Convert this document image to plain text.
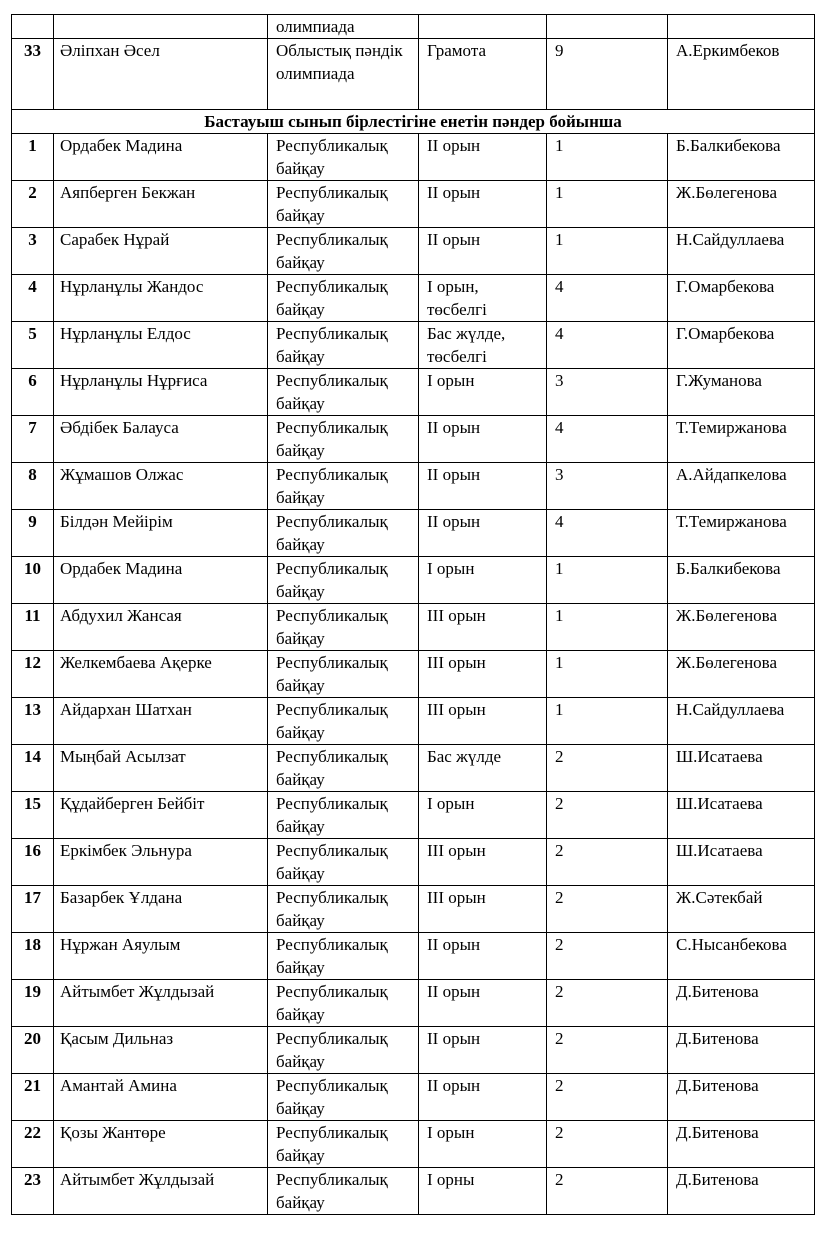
		олимпиада			
33	Әліпхан Әсел	Облыстық пәндік олимпиада	Грамота	9	А.Еркимбеков
Бастауыш сынып бірлестігіне енетін пәндер бойынша					
1	Ордабек Мадина	Республикалық байқау	II орын	1	Б.Балкибекова
2	Аяпберген Бекжан	Республикалық байқау	II орын	1	Ж.Бөлегенова
3	Сарабек Нұрай	Республикалық байқау	II орын	1	Н.Сайдуллаева
4	Нұрланұлы Жандос	Республикалық байқау	I орын, төсбелгі	4	Г.Омарбекова
5	Нұрланұлы Елдос	Республикалық байқау	Бас жүлде, төсбелгі	4	Г.Омарбекова
6	Нұрланұлы Нұрғиса	Республикалық байқау	I орын	3	Г.Жуманова
7	Әбдібек Балауса	Республикалық байқау	II орын	4	Т.Темиржанова
8	Жұмашов Олжас	Республикалық байқау	II орын	3	А.Айдапкелова
9	Білдән Мейірім	Республикалық байқау	II орын	4	Т.Темиржанова
10	Ордабек Мадина	Республикалық байқау	I орын	1	Б.Балкибекова
11	Абдухил Жансая	Республикалық байқау	III орын	1	Ж.Бөлегенова
12	Желкембаева Ақерке	Республикалық байқау	III орын	1	Ж.Бөлегенова
13	Айдархан Шатхан	Республикалық байқау	III орын	1	Н.Сайдуллаева
14	Мыңбай Асылзат	Республикалық байқау	Бас жүлде	2	Ш.Исатаева
15	Құдайберген Бейбіт	Республикалық байқау	I орын	2	Ш.Исатаева
16	Еркімбек Эльнура	Республикалық байқау	III орын	2	Ш.Исатаева
17	Базарбек Ұлдана	Республикалық байқау	III орын	2	Ж.Сәтекбай
18	Нұржан Аяулым	Республикалық байқау	II орын	2	С.Нысанбекова
19	Айтымбет Жұлдызай	Республикалық байқау	II орын	2	Д.Битенова
20	Қасым Дильназ	Республикалық байқау	II орын	2	Д.Битенова
21	Амантай Амина	Республикалық байқау	II орын	2	Д.Битенова
22	Қозы Жантөре	Республикалық байқау	I орын	2	Д.Битенова
23	Айтымбет Жұлдызай	Республикалық байқау	I орны	2	Д.Битенова
